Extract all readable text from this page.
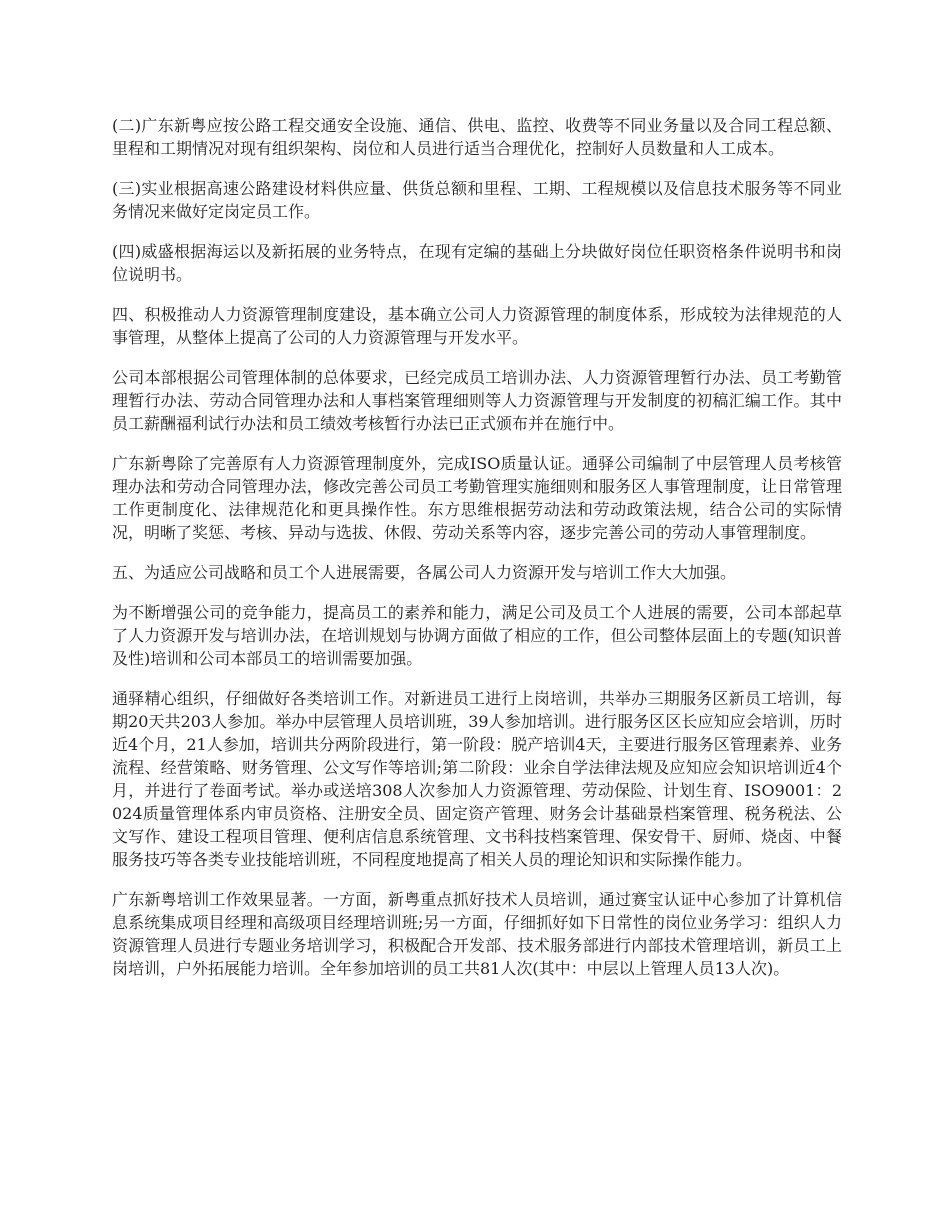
(二)广东新粤应按公路工程交通安全设施、通信、供电、监控、收费等不同业务量以及合同工程总额、里程和工期情况对现有组织架构、岗位和人员进行适当合理优化，控制好人员数量和人工成本。

(三)实业根据高速公路建设材料供应量、供货总额和里程、工期、工程规模以及信息技术服务等不同业务情况来做好定岗定员工作。

(四)威盛根据海运以及新拓展的业务特点，在现有定编的基础上分块做好岗位任职资格条件说明书和岗位说明书。

四、积极推动人力资源管理制度建设，基本确立公司人力资源管理的制度体系，形成较为法律规范的人事管理，从整体上提高了公司的人力资源管理与开发水平。

公司本部根据公司管理体制的总体要求，已经完成员工培训办法、人力资源管理暂行办法、员工考勤管理暂行办法、劳动合同管理办法和人事档案管理细则等人力资源管理与开发制度的初稿汇编工作。其中员工薪酬福利试行办法和员工绩效考核暂行办法已正式颁布并在施行中。

广东新粤除了完善原有人力资源管理制度外，完成ISO质量认证。通驿公司编制了中层管理人员考核管理办法和劳动合同管理办法，修改完善公司员工考勤管理实施细则和服务区人事管理制度，让日常管理工作更制度化、法律规范化和更具操作性。东方思维根据劳动法和劳动政策法规，结合公司的实际情况，明晰了奖惩、考核、异动与选拔、休假、劳动关系等内容，逐步完善公司的劳动人事管理制度。

五、为适应公司战略和员工个人进展需要，各属公司人力资源开发与培训工作大大加强。

为不断增强公司的竞争能力，提高员工的素养和能力，满足公司及员工个人进展的需要，公司本部起草了人力资源开发与培训办法，在培训规划与协调方面做了相应的工作，但公司整体层面上的专题(知识普及性)培训和公司本部员工的培训需要加强。

通驿精心组织，仔细做好各类培训工作。对新进员工进行上岗培训，共举办三期服务区新员工培训，每期20天共203人参加。举办中层管理人员培训班，39人参加培训。进行服务区区长应知应会培训，历时近4个月，21人参加，培训共分两阶段进行，第一阶段：脱产培训4天，主要进行服务区管理素养、业务流程、经营策略、财务管理、公文写作等培训;第二阶段：业余自学法律法规及应知应会知识培训近4个月，并进行了卷面考试。举办或送培308人次参加人力资源管理、劳动保险、计划生育、ISO9001：2024质量管理体系内审员资格、注册安全员、固定资产管理、财务会计基础景档案管理、税务税法、公文写作、建设工程项目管理、便利店信息系统管理、文书科技档案管理、保安骨干、厨师、烧卤、中餐服务技巧等各类专业技能培训班，不同程度地提高了相关人员的理论知识和实际操作能力。

广东新粤培训工作效果显著。一方面，新粤重点抓好技术人员培训，通过赛宝认证中心参加了计算机信息系统集成项目经理和高级项目经理培训班;另一方面，仔细抓好如下日常性的岗位业务学习：组织人力资源管理人员进行专题业务培训学习，积极配合开发部、技术服务部进行内部技术管理培训，新员工上岗培训，户外拓展能力培训。全年参加培训的员工共81人次(其中：中层以上管理人员13人次)。
